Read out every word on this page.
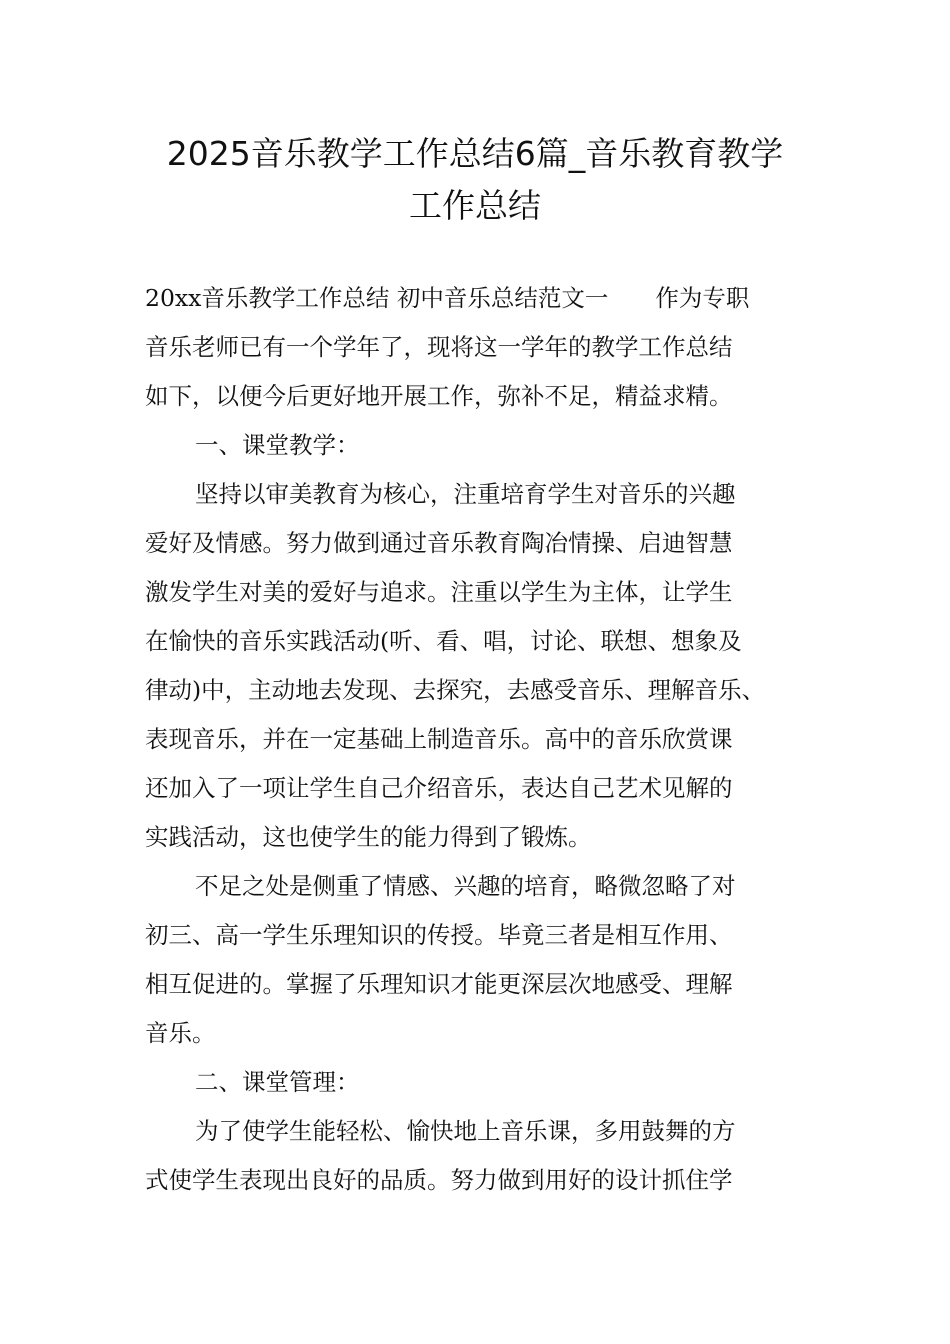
2025音乐教学工作总结6篇_音乐教育教学
工作总结

20xx音乐教学工作总结 初中音乐总结范文一　　作为专职
音乐老师已有一个学年了，现将这一学年的教学工作总结
如下，以便今后更好地开展工作，弥补不足，精益求精。

一、课堂教学：

坚持以审美教育为核心，注重培育学生对音乐的兴趣
爱好及情感。努力做到通过音乐教育陶冶情操、启迪智慧
激发学生对美的爱好与追求。注重以学生为主体，让学生
在愉快的音乐实践活动(听、看、唱，讨论、联想、想象及
律动)中，主动地去发现、去探究，去感受音乐、理解音乐、
表现音乐，并在一定基础上制造音乐。高中的音乐欣赏课
还加入了一项让学生自己介绍音乐，表达自己艺术见解的
实践活动，这也使学生的能力得到了锻炼。

不足之处是侧重了情感、兴趣的培育，略微忽略了对
初三、高一学生乐理知识的传授。毕竟三者是相互作用、
相互促进的。掌握了乐理知识才能更深层次地感受、理解
音乐。

二、课堂管理：

为了使学生能轻松、愉快地上音乐课，多用鼓舞的方
式使学生表现出良好的品质。努力做到用好的设计抓住学
